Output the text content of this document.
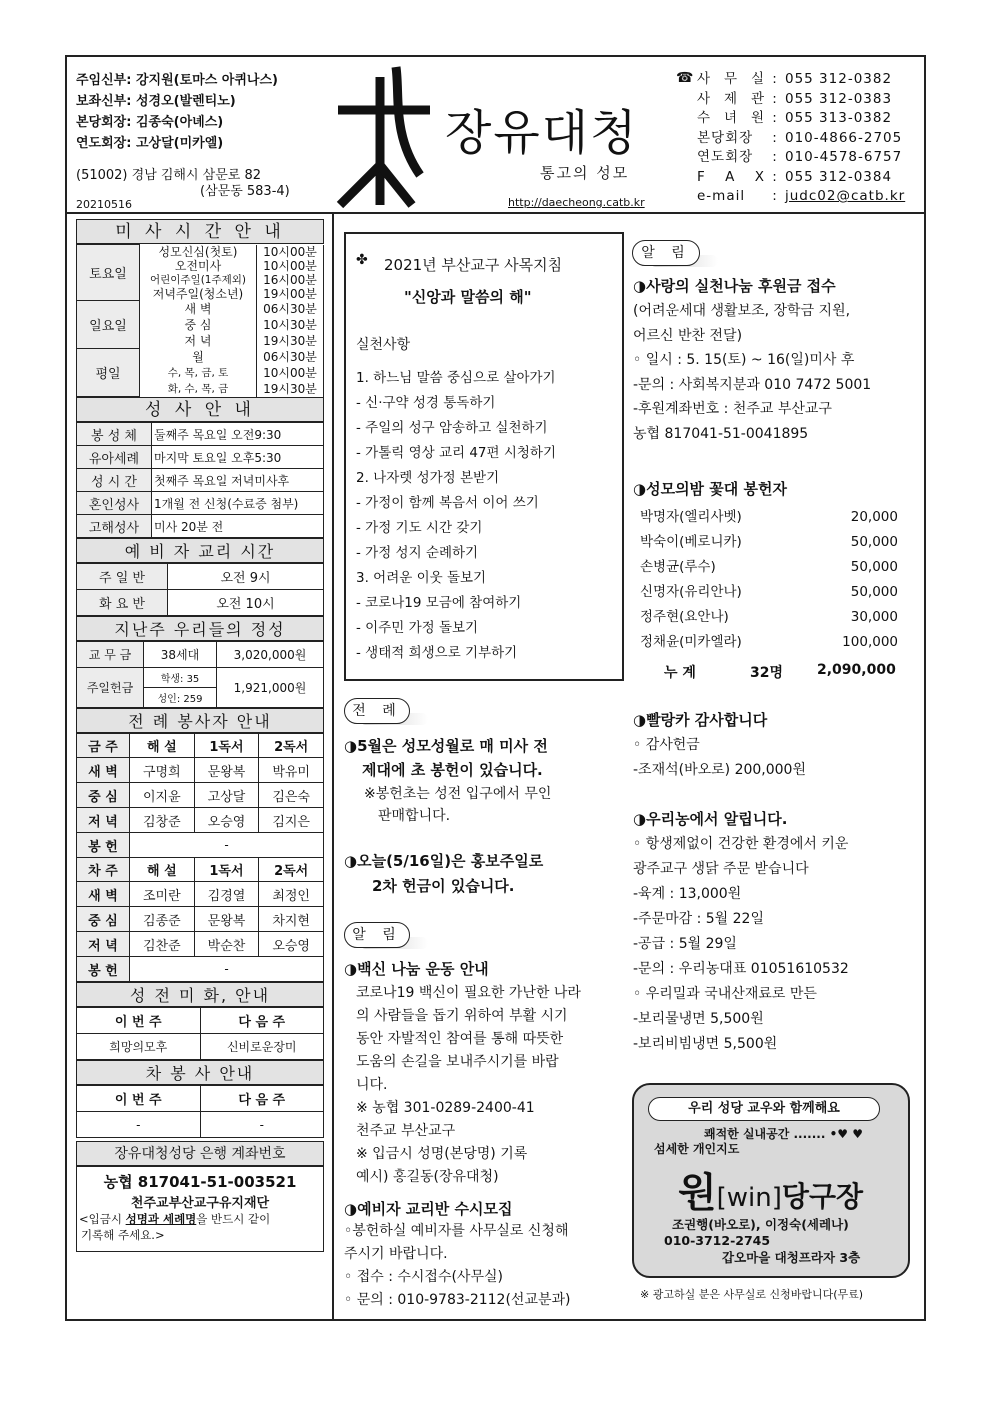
주임신부: 강지원(토마스 아퀴나스)
보좌신부: 성경오(발렌티노)
본당회장: 김종숙(아녜스)
연도회장: 고상달(미카엘)
(51002) 경남 김해시 삼문로 82
(삼문동 583-4)
20210516
장유대청
통고의 성모
http://daecheong.catb.kr
☎ 사 무 실 : 055 312-0382
사 제 관 : 055 312-0383
수 녀 원 : 055 313-0382
본당회장	: 010-4866-2705
연도회장	: 010-4578-6757
F A X : 055 312-0384
e-mail	: judc02@catb.kr
미 사 시 간 안 내
토요일	성모신심(첫토)	10시00분
	오전미사	10시00분
	어린이주일(1주제외)	16시00분
	저녁주일(청소년)	19시00분
일요일	새 벽	06시30분
	중 심	10시30분
	저 녁	19시30분
평일	월	06시30분
	수, 목, 금, 토	10시00분
	화, 수, 목, 금	19시30분
성 사 안 내
봉 성 체	둘째주 목요일 오전9:30
유아세례	마지막 토요일 오후5:30
성 시 간	첫째주 목요일 저녁미사후
혼인성사	1개월 전 신청(수료증 첨부)
고해성사	미사 20분 전
예 비 자 교리 시간
주 일 반	오전 9시
화 요 반	오전 10시
지난주 우리들의 정성
교 무 금	38세대	3,020,000원
주일헌금	학생: 35	1,921,000원
	성인: 259	
전 례 봉사자 안내
금 주	해 설	1독서	2독서
새 벽	구명희	문왕복	박유미
중 심	이지윤	고상달	김은숙
저 녁	김창준	오승영	김지은
봉 헌	-		
차 주	해 설	1독서	2독서
새 벽	조미란	김경열	최정인
중 심	김종준	문왕복	차지현
저 녁	김찬준	박순찬	오승영
봉 헌	-		
성 전 미 화, 안내
이 번 주	다 음 주
희망의모후	신비로운장미
차 봉 사 안내
이 번 주	다 음 주
-	-
장유대청성당 은행 계좌번호
농협 817041-51-003521
천주교부산교구유지재단
<입금시 성명과 세례명을 반드시 같이
기록해 주세요.>
✤ 2021년 부산교구 사목지침
"신앙과 말씀의 해"
실천사항
1. 하느님 말씀 중심으로 살아가기
- 신·구약 성경 통독하기
- 주일의 성구 암송하고 실천하기
- 가톨릭 영상 교리 47편 시청하기
2. 나자렛 성가정 본받기
- 가정이 함께 복음서 이어 쓰기
- 가정 기도 시간 갖기
- 가정 성지 순례하기
3. 어려운 이웃 돌보기
- 코로나19 모금에 참여하기
- 이주민 가정 돌보기
- 생태적 희생으로 기부하기
전 례
◑5월은 성모성월로 매 미사 전
제대에 초 봉헌이 있습니다.
※봉헌초는 성전 입구에서 무인
판매합니다.
◑오늘(5/16일)은 홍보주일로
2차 헌금이 있습니다.
알 림
◑백신 나눔 운동 안내
코로나19 백신이 필요한 가난한 나라
의 사람들을 돕기 위하여 부활 시기
동안 자발적인 참여를 통해 따뜻한
도움의 손길을 보내주시기를 바랍
니다.
※ 농협 301-0289-2400-41
천주교 부산교구
※ 입금시 성명(본당명) 기록
예시) 홍길동(장유대청)
◑예비자 교리반 수시모집
◦봉헌하실 예비자를 사무실로 신청해
주시기 바랍니다.
◦ 접수 : 수시접수(사무실)
◦ 문의 : 010-9783-2112(선교분과)
알 림
◑사랑의 실천나눔 후원금 접수
(어려운세대 생활보조, 장학금 지원,
어르신 반찬 전달)
◦ 일시 : 5. 15(토) ~ 16(일)미사 후
-문의 : 사회복지분과 010 7472 5001
-후원계좌번호 : 천주교 부산교구
농협 817041-51-0041895
◑성모의밤 꽃대 봉헌자
박명자(엘리사벳)	20,000
박숙이(베로니카)	50,000
손병균(루수)	50,000
신명자(유리안나)	50,000
정주현(요안나)	30,000
정채윤(미카엘라)	100,000
누 계	32명 2,090,000
◑빨랑카 감사합니다
◦ 감사헌금
-조재석(바오로) 200,000원
◑우리농에서 알립니다.
◦ 항생제없이 건강한 환경에서 키운
광주교구 생닭 주문 받습니다
-육계 : 13,000원
-주문마감 : 5월 22일
-공급 : 5월 29일
-문의 : 우리농대표 01051610532
◦ 우리밀과 국내산재료로 만든
-보리물냉면 5,500원
-보리비빔냉면 5,500원
우리 성당 교우와 함께해요
쾌적한 실내공간 ....... •♥ ♥
섬세한 개인지도
원[win]당구장
조권행(바오로), 이정숙(세레나)
010-3712-2745
갑오마을 대청프라자 3층
※ 광고하실 분은 사무실로 신청바랍니다(무료)
